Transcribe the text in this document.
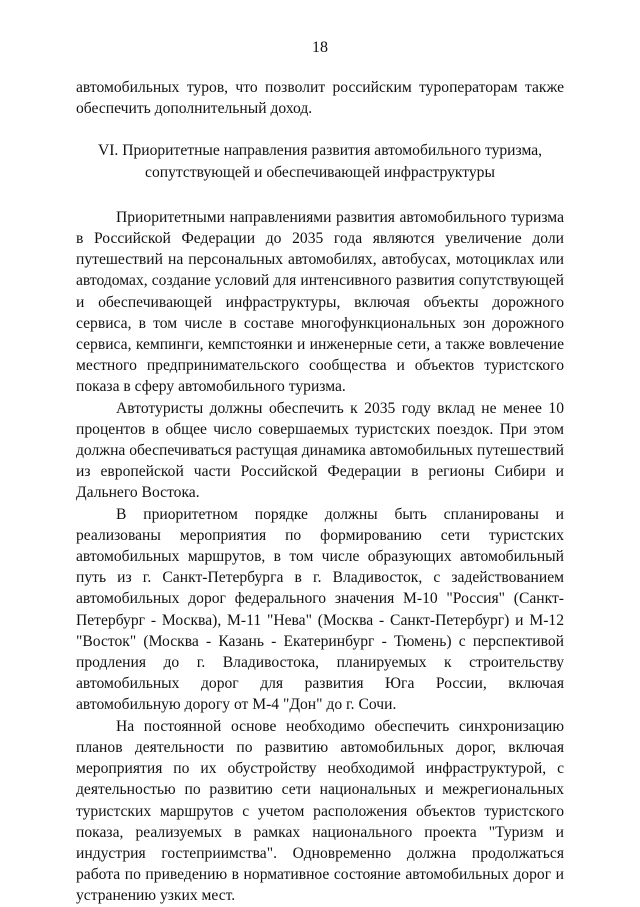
18

автомобильных туров, что позволит российским туроператорам также обеспечить дополнительный доход.

VI. Приоритетные направления развития автомобильного туризма,
сопутствующей и обеспечивающей инфраструктуры

Приоритетными направлениями развития автомобильного туризма в Российской Федерации до 2035 года являются увеличение доли путешествий на персональных автомобилях, автобусах, мотоциклах или автодомах, создание условий для интенсивного развития сопутствующей и обеспечивающей инфраструктуры, включая объекты дорожного сервиса, в том числе в составе многофункциональных зон дорожного сервиса, кемпинги, кемпстоянки и инженерные сети, а также вовлечение местного предпринимательского сообщества и объектов туристского показа в сферу автомобильного туризма.

Автотуристы должны обеспечить к 2035 году вклад не менее 10 процентов в общее число совершаемых туристских поездок. При этом должна обеспечиваться растущая динамика автомобильных путешествий из европейской части Российской Федерации в регионы Сибири и Дальнего Востока.

В приоритетном порядке должны быть спланированы и реализованы мероприятия по формированию сети туристских автомобильных маршрутов, в том числе образующих автомобильный путь из г. Санкт-Петербурга в г. Владивосток, с задействованием автомобильных дорог федерального значения М-10 "Россия" (Санкт-Петербург - Москва), М-11 "Нева" (Москва - Санкт-Петербург) и М-12 "Восток" (Москва - Казань - Екатеринбург - Тюмень) с перспективой продления до г. Владивостока, планируемых к строительству автомобильных дорог для развития Юга России, включая автомобильную дорогу от М-4 "Дон" до г. Сочи.

На постоянной основе необходимо обеспечить синхронизацию планов деятельности по развитию автомобильных дорог, включая мероприятия по их обустройству необходимой инфраструктурой, с деятельностью по развитию сети национальных и межрегиональных туристских маршрутов с учетом расположения объектов туристского показа, реализуемых в рамках национального проекта "Туризм и индустрия гостеприимства". Одновременно должна продолжаться работа по приведению в нормативное состояние автомобильных дорог и устранению узких мест.
